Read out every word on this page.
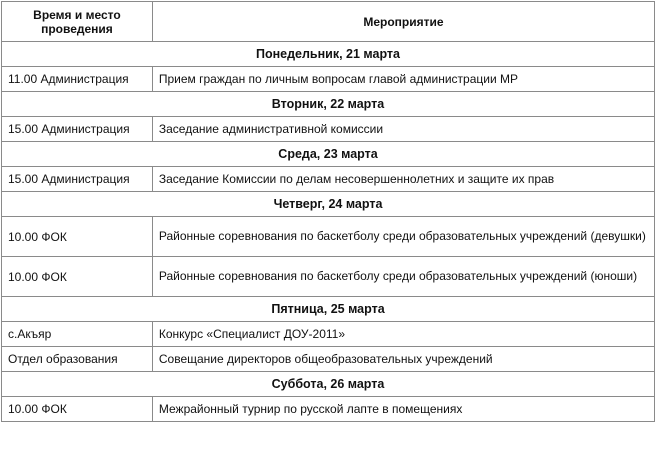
Время и место проведения	Мероприятие
Понедельник, 21 марта	
11.00 Администрация	Прием граждан по личным вопросам главой администрации МР
Вторник, 22 марта	
15.00 Администрация	Заседание административной комиссии
Среда, 23 марта	
15.00 Администрация	Заседание Комиссии по делам несовершеннолетних и защите их прав
Четверг, 24 марта	
10.00 ФОК	Районные соревнования по баскетболу среди образовательных учреждений (девушки)
10.00 ФОК	Районные соревнования по баскетболу среди образовательных учреждений (юноши)
Пятница, 25 марта	
с.Акъяр	Конкурс «Специалист ДОУ-2011»
Отдел образования	Совещание директоров общеобразовательных учреждений
Суббота, 26 марта	
10.00 ФОК	Межрайонный турнир по русской лапте в помещениях
